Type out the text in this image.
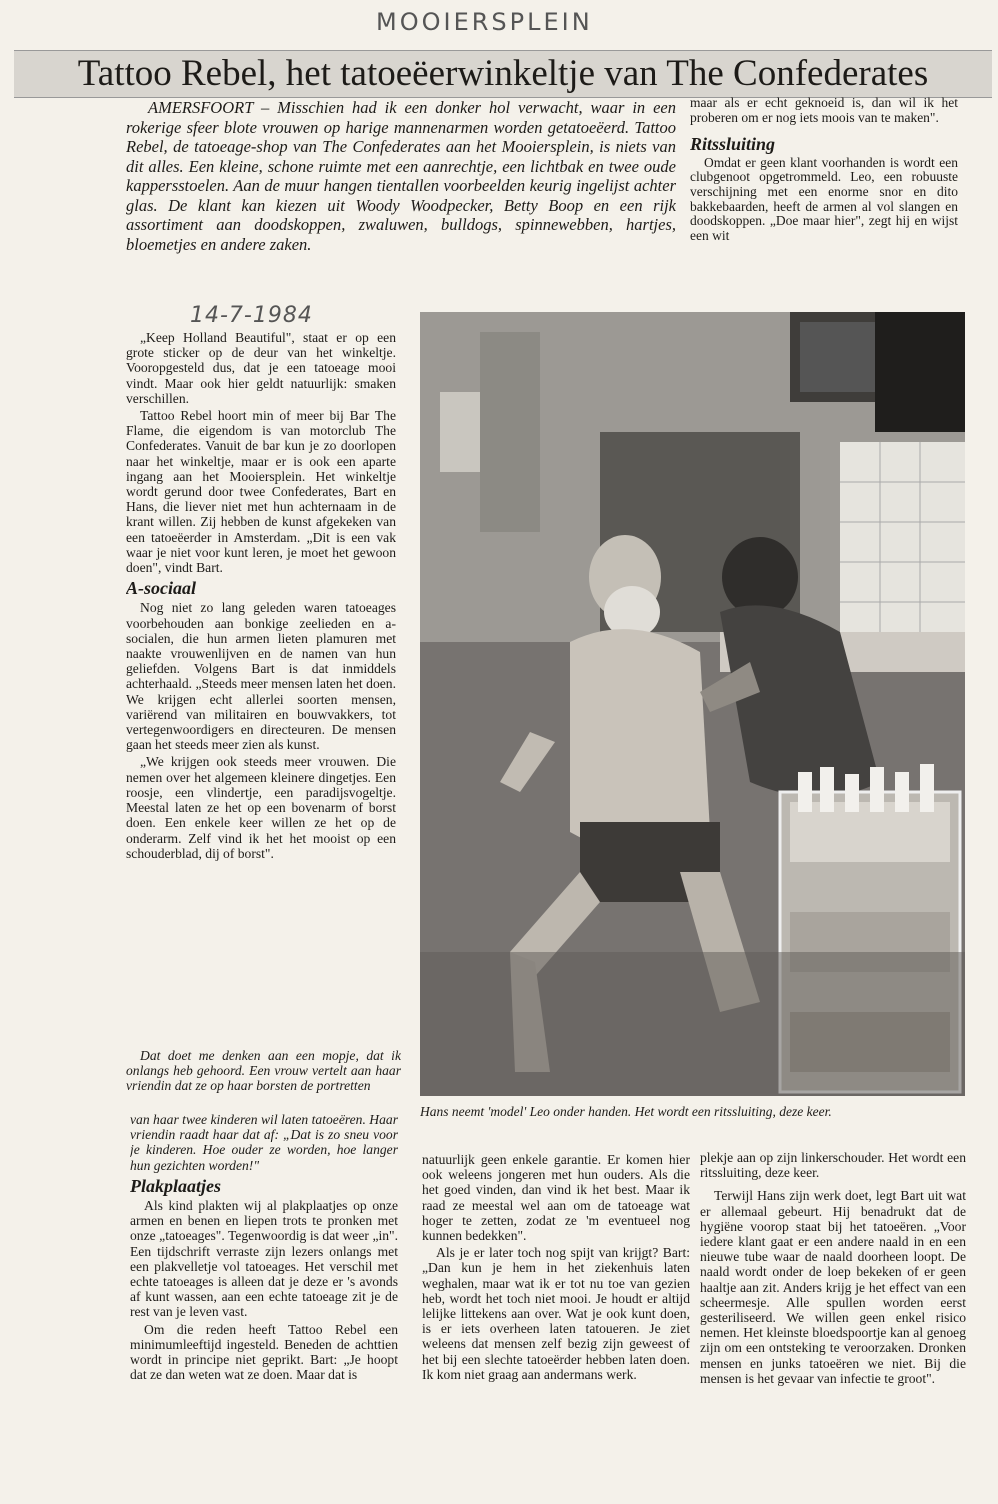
MOOIERSPLEIN
Tattoo Rebel, het tatoeëerwinkeltje van The Confederates

AMERSFOORT – Misschien had ik een donker hol verwacht, waar in een rokerige sfeer blote vrouwen op harige mannenarmen worden getatoeëerd. Tattoo Rebel, de tatoeage-shop van The Confederates aan het Mooiersplein, is niets van dit alles. Een kleine, schone ruimte met een aanrechtje, een lichtbak en twee oude kappersstoelen. Aan de muur hangen tientallen voorbeelden keurig ingelijst achter glas. De klant kan kiezen uit Woody Woodpecker, Betty Boop en een rijk assortiment aan doodskoppen, zwaluwen, bulldogs, spinnewebben, hartjes, bloemetjes en andere zaken.

14-7-1984

maar als er echt geknoeid is, dan wil ik het proberen om er nog iets moois van te maken".

Ritssluiting

Omdat er geen klant voorhanden is wordt een clubgenoot opgetrommeld. Leo, een robuuste verschijning met een enorme snor en dito bakkebaarden, heeft de armen al vol slangen en doodskoppen. „Doe maar hier", zegt hij en wijst een wit

„Keep Holland Beautiful", staat er op een grote sticker op de deur van het winkeltje. Vooropgesteld dus, dat je een tatoeage mooi vindt. Maar ook hier geldt natuurlijk: smaken verschillen.

Tattoo Rebel hoort min of meer bij Bar The Flame, die eigendom is van motorclub The Confederates. Vanuit de bar kun je zo doorlopen naar het winkeltje, maar er is ook een aparte ingang aan het Mooiersplein. Het winkeltje wordt gerund door twee Confederates, Bart en Hans, die liever niet met hun achternaam in de krant willen. Zij hebben de kunst afgekeken van een tatoeëerder in Amsterdam. „Dit is een vak waar je niet voor kunt leren, je moet het gewoon doen", vindt Bart.

A-sociaal

Nog niet zo lang geleden waren tatoeages voorbehouden aan bonkige zeelieden en a-socialen, die hun armen lieten plamuren met naakte vrouwenlijven en de namen van hun geliefden. Volgens Bart is dat inmiddels achterhaald. „Steeds meer mensen laten het doen. We krijgen echt allerlei soorten mensen, variërend van militairen en bouwvakkers, tot vertegenwoordigers en directeuren. De mensen gaan het steeds meer zien als kunst.

„We krijgen ook steeds meer vrouwen. Die nemen over het algemeen kleinere dingetjes. Een roosje, een vlindertje, een paradijsvogeltje. Meestal laten ze het op een bovenarm of borst doen. Een enkele keer willen ze het op de onderarm. Zelf vind ik het het mooist op een schouderblad, dij of borst".

Dat doet me denken aan een mopje, dat ik onlangs heb gehoord. Een vrouw vertelt aan haar vriendin dat ze op haar borsten de portretten

Hans neemt 'model' Leo onder handen. Het wordt een ritssluiting, deze keer.

van haar twee kinderen wil laten tatoeëren. Haar vriendin raadt haar dat af: „Dat is zo sneu voor je kinderen. Hoe ouder ze worden, hoe langer hun gezichten worden!"

Plakplaatjes

Als kind plakten wij al plakplaatjes op onze armen en benen en liepen trots te pronken met onze „tatoeages". Tegenwoordig is dat weer „in". Een tijdschrift verraste zijn lezers onlangs met een plakvelletje vol tatoeages. Het verschil met echte tatoeages is alleen dat je deze er 's avonds af kunt wassen, aan een echte tatoeage zit je de rest van je leven vast.

Om die reden heeft Tattoo Rebel een minimumleeftijd ingesteld. Beneden de achttien wordt in principe niet geprikt. Bart: „Je hoopt dat ze dan weten wat ze doen. Maar dat is

natuurlijk geen enkele garantie. Er komen hier ook weleens jongeren met hun ouders. Als die het goed vinden, dan vind ik het best. Maar ik raad ze meestal wel aan om de tatoeage wat hoger te zetten, zodat ze 'm eventueel nog kunnen bedekken".

Als je er later toch nog spijt van krijgt? Bart: „Dan kun je hem in het ziekenhuis laten weghalen, maar wat ik er tot nu toe van gezien heb, wordt het toch niet mooi. Je houdt er altijd lelijke littekens aan over. Wat je ook kunt doen, is er iets overheen laten tatoueren. Je ziet weleens dat mensen zelf bezig zijn geweest of het bij een slechte tatoeërder hebben laten doen. Ik kom niet graag aan andermans werk.

plekje aan op zijn linkerschouder. Het wordt een ritssluiting, deze keer.

Terwijl Hans zijn werk doet, legt Bart uit wat er allemaal gebeurt. Hij benadrukt dat de hygiëne voorop staat bij het tatoeëren. „Voor iedere klant gaat er een andere naald in en een nieuwe tube waar de naald doorheen loopt. De naald wordt onder de loep bekeken of er geen haaltje aan zit. Anders krijg je het effect van een scheermesje. Alle spullen worden eerst gesteriliseerd. We willen geen enkel risico nemen. Het kleinste bloedspoortje kan al genoeg zijn om een ontsteking te veroorzaken. Dronken mensen en junks tatoeëren we niet. Bij die mensen is het gevaar van infectie te groot".
